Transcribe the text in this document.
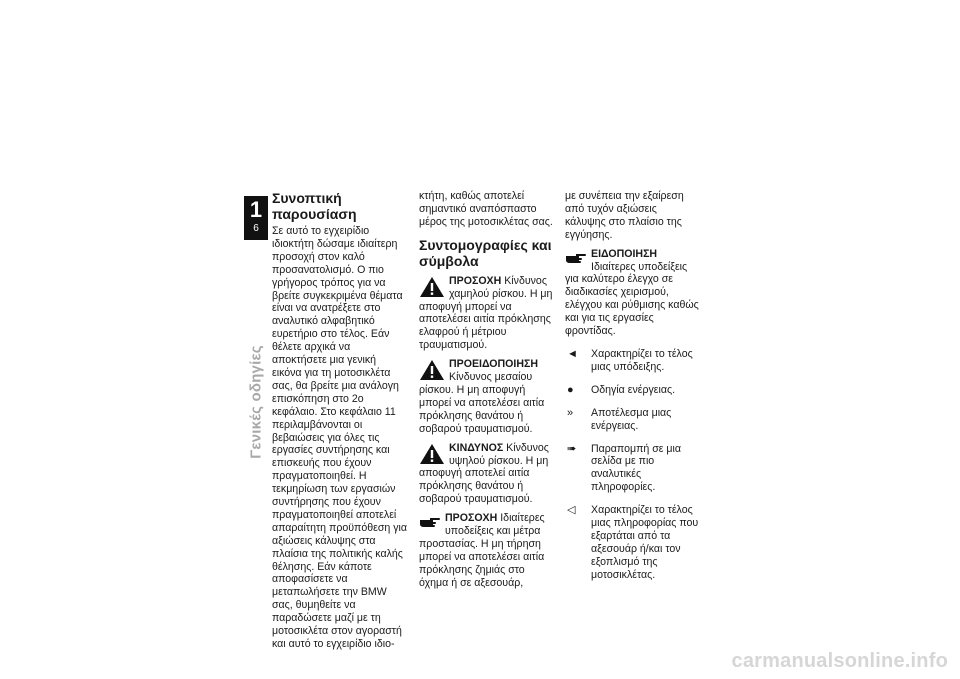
1
6
Γενικές οδηγίες
Συνοπτική παρουσίαση

Σε αυτό το εγχειρίδιο ιδιοκτήτη δώσαμε ιδιαίτερη προσοχή στον καλό προσανατολισμό. Ο πιο γρήγορος τρόπος για να βρείτε συγκεκριμένα θέματα είναι να ανατρέξετε στο αναλυτικό αλφαβητικό ευρετήριο στο τέλος. Εάν θέλετε αρχικά να αποκτήσετε μια γενική εικόνα για τη μοτοσικλέτα σας, θα βρείτε μια ανάλογη επισκόπηση στο 2ο κεφάλαιο. Στο κεφάλαιο 11 περιλαμβάνονται οι βεβαιώσεις για όλες τις εργασίες συντήρησης και επισκευής που έχουν πραγματοποιηθεί. Η τεκμηρίωση των εργασιών συντήρησης που έχουν πραγματοποιηθεί αποτελεί απαραίτητη προϋπόθεση για αξιώσεις κάλυψης στα πλαίσια της πολιτικής καλής θέλησης. Εάν κάποτε αποφασίσετε να μεταπωλήσετε την BMW σας, θυμηθείτε να παραδώσετε μαζί με τη μοτοσικλέτα στον αγοραστή και αυτό το εγχειρίδιο ιδιο-

κτήτη, καθώς αποτελεί σημαντικό αναπόσπαστο μέρος της μοτοσικλέτας σας.

Συντομογραφίες και σύμβολα
ΠΡΟΣΟΧΗ Κίνδυνος χαμηλού ρίσκου. Η μη αποφυγή μπορεί να αποτελέσει αιτία πρόκλησης ελαφρού ή μέτριου τραυματισμού.
ΠΡΟΕΙΔΟΠΟΙΗΣΗ Κίνδυνος μεσαίου ρίσκου. Η μη αποφυγή μπορεί να αποτελέσει αιτία πρόκλησης θανάτου ή σοβαρού τραυματισμού.
ΚΙΝΔΥΝΟΣ Κίνδυνος υψηλού ρίσκου. Η μη αποφυγή αποτελεί αιτία πρόκλησης θανάτου ή σοβαρού τραυματισμού.
ΠΡΟΣΟΧΗ Ιδιαίτερες υποδείξεις και μέτρα προστασίας. Η μη τήρηση μπορεί να αποτελέσει αιτία πρόκλησης ζημιάς στο όχημα ή σε αξεσουάρ,

με συνέπεια την εξαίρεση από τυχόν αξιώσεις κάλυψης στο πλαίσιο της εγγύησης.

ΕΙΔΟΠΟΙΗΣΗ Ιδιαίτερες υποδείξεις για καλύτερο έλεγχο σε διαδικασίες χειρισμού, ελέγχου και ρύθμισης καθώς και για τις εργασίες φροντίδας.
◄	Χαρακτηρίζει το τέλος μιας υπόδειξης.
●	Οδηγία ενέργειας.
»	Αποτέλεσμα μιας ενέργειας.
➠	Παραπομπή σε μια σελίδα με πιο αναλυτικές πληροφορίες.
◁	Χαρακτηρίζει το τέλος μιας πληροφορίας που εξαρτάται από τα αξεσουάρ ή/και τον εξοπλισμό της μοτοσικλέτας.
carmanualsonline.info
